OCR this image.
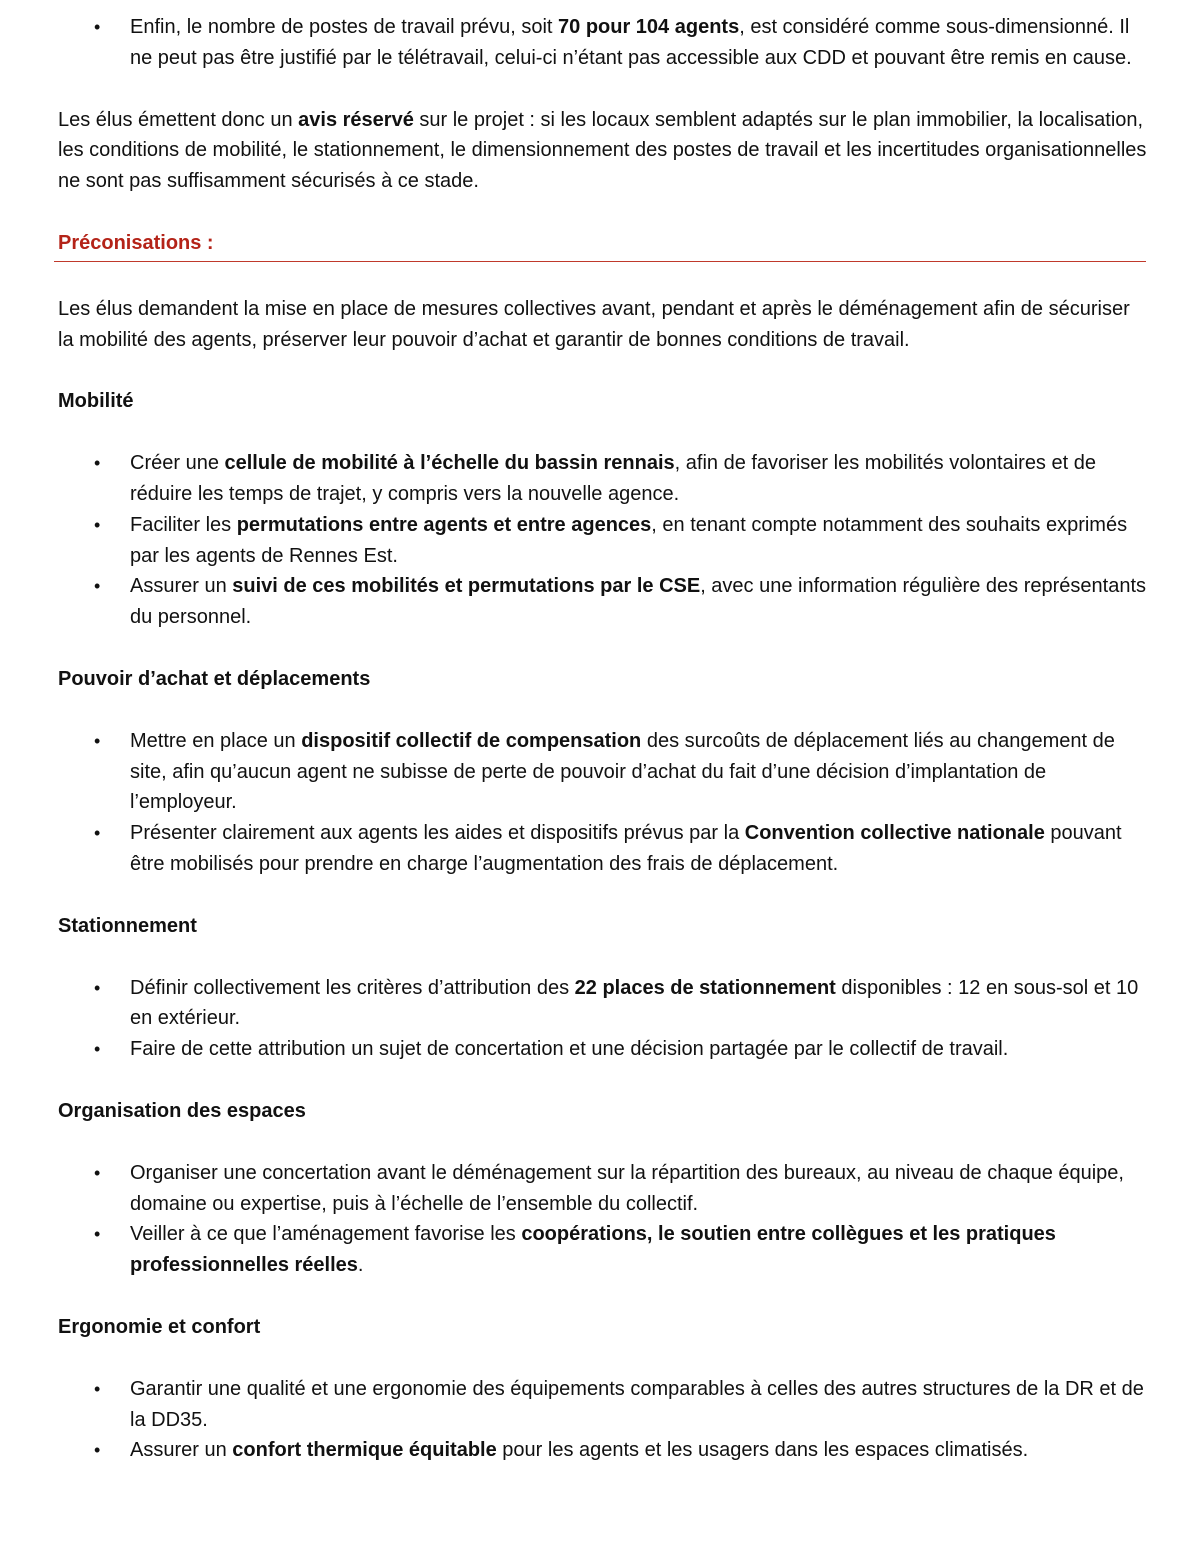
• Enfin, le nombre de postes de travail prévu, soit 70 pour 104 agents, est considéré comme sous-dimensionné. Il ne peut pas être justifié par le télétravail, celui-ci n’étant pas accessible aux CDD et pouvant être remis en cause.

Les élus émettent donc un avis réservé sur le projet : si les locaux semblent adaptés sur le plan immobilier, la localisation, les conditions de mobilité, le stationnement, le dimensionnement des postes de travail et les incertitudes organisationnelles ne sont pas suffisamment sécurisés à ce stade.

Préconisations :

Les élus demandent la mise en place de mesures collectives avant, pendant et après le déménagement afin de sécuriser la mobilité des agents, préserver leur pouvoir d’achat et garantir de bonnes conditions de travail.

Mobilité

• Créer une cellule de mobilité à l’échelle du bassin rennais, afin de favoriser les mobilités volontaires et de réduire les temps de trajet, y compris vers la nouvelle agence.
• Faciliter les permutations entre agents et entre agences, en tenant compte notamment des souhaits exprimés par les agents de Rennes Est.
• Assurer un suivi de ces mobilités et permutations par le CSE, avec une information régulière des représentants du personnel.

Pouvoir d’achat et déplacements

• Mettre en place un dispositif collectif de compensation des surcoûts de déplacement liés au changement de site, afin qu’aucun agent ne subisse de perte de pouvoir d’achat du fait d’une décision d’implantation de l’employeur.
• Présenter clairement aux agents les aides et dispositifs prévus par la Convention collective nationale pouvant être mobilisés pour prendre en charge l’augmentation des frais de déplacement.

Stationnement

• Définir collectivement les critères d’attribution des 22 places de stationnement disponibles : 12 en sous-sol et 10 en extérieur.
• Faire de cette attribution un sujet de concertation et une décision partagée par le collectif de travail.

Organisation des espaces

• Organiser une concertation avant le déménagement sur la répartition des bureaux, au niveau de chaque équipe, domaine ou expertise, puis à l’échelle de l’ensemble du collectif.
• Veiller à ce que l’aménagement favorise les coopérations, le soutien entre collègues et les pratiques professionnelles réelles.

Ergonomie et confort

• Garantir une qualité et une ergonomie des équipements comparables à celles des autres structures de la DR et de la DD35.
• Assurer un confort thermique équitable pour les agents et les usagers dans les espaces climatisés.
